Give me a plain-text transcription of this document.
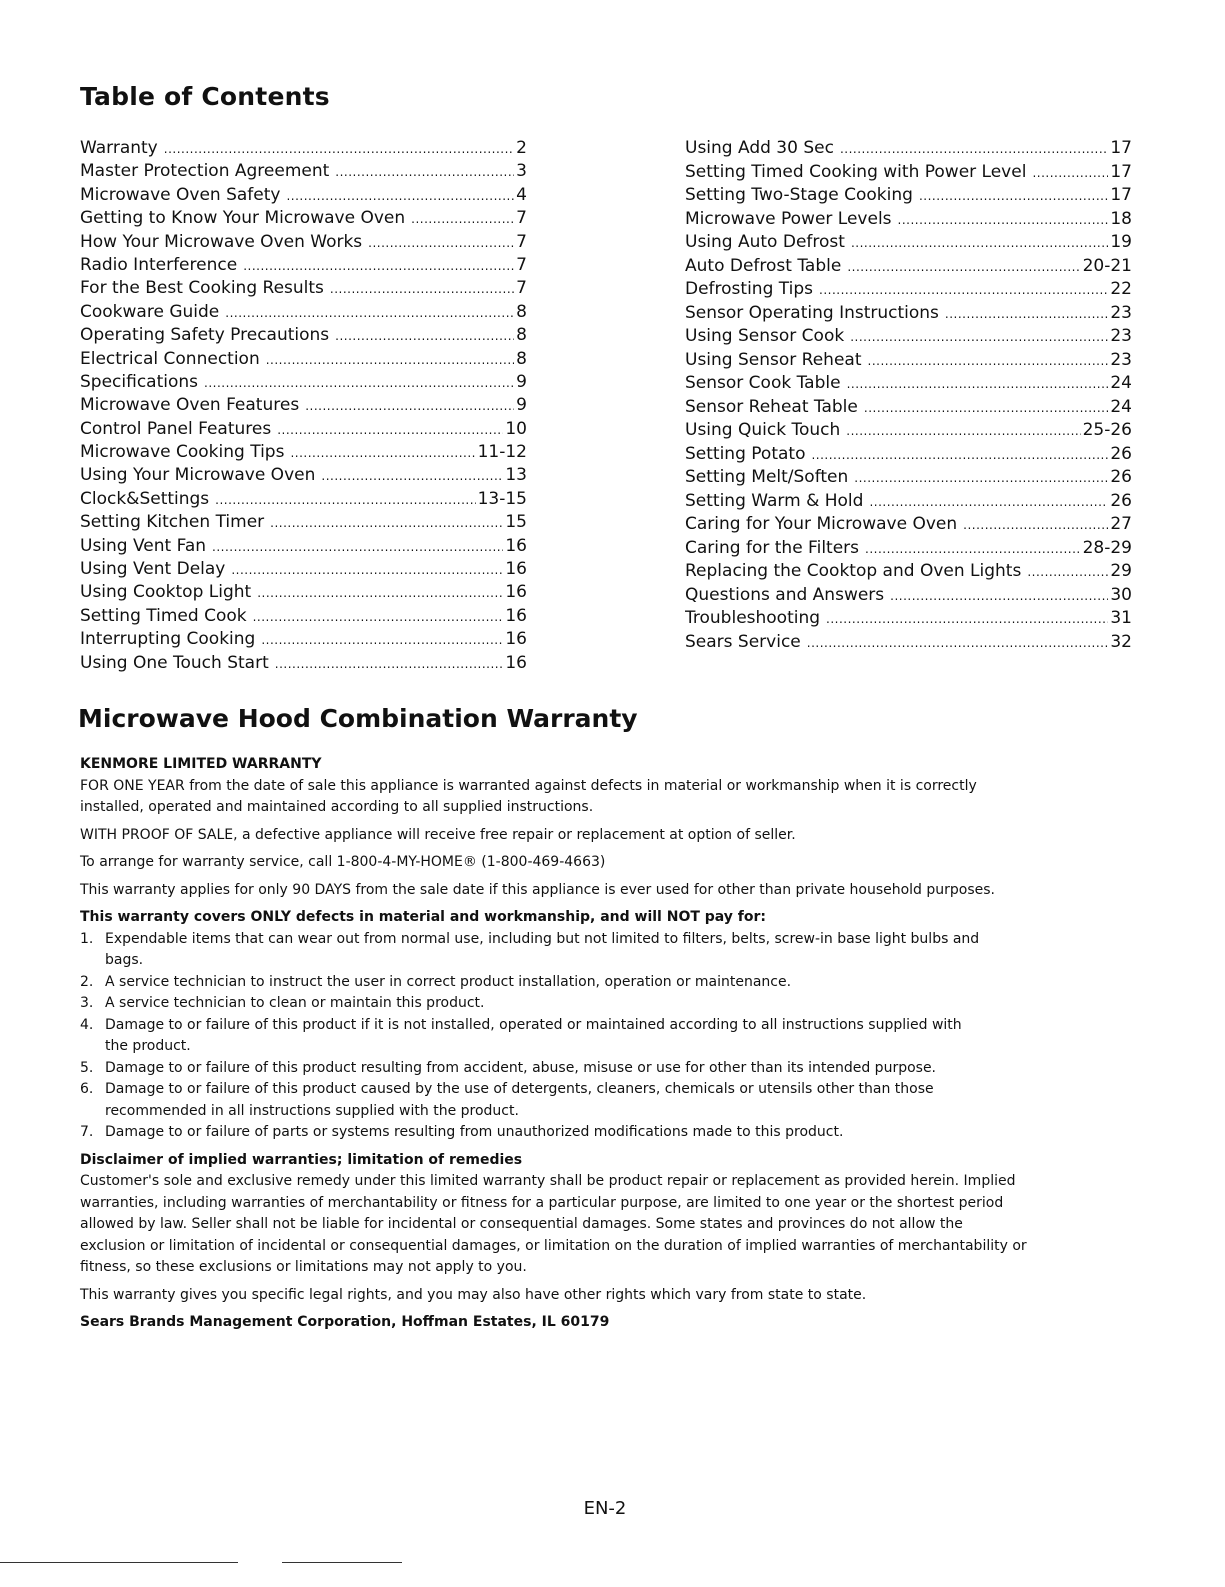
Table of Contents
Warranty .....	2
Master Protection Agreement .....	3
Microwave Oven Safety .....	4
Getting to Know Your Microwave Oven .....	7
How Your Microwave Oven Works .....	7
Radio Interference .....	7
For the Best Cooking Results .....	7
Cookware Guide .....	8
Operating Safety Precautions .....	8
Electrical Connection .....	8
Specifications .....	9
Microwave Oven Features .....	9
Control Panel Features .....	10
Microwave Cooking Tips .....	11-12
Using Your Microwave Oven .....	13
Clock&Settings .....	13-15
Setting Kitchen Timer .....	15
Using Vent Fan .....	16
Using Vent Delay .....	16
Using Cooktop Light .....	16
Setting Timed Cook .....	16
Interrupting Cooking .....	16
Using One Touch Start .....	16
Using Add 30 Sec .....	17
Setting Timed Cooking with Power Level .....	17
Setting Two-Stage Cooking .....	17
Microwave Power Levels .....	18
Using Auto Defrost .....	19
Auto Defrost Table .....	20-21
Defrosting Tips .....	22
Sensor Operating Instructions .....	23
Using Sensor Cook .....	23
Using Sensor Reheat .....	23
Sensor Cook Table .....	24
Sensor Reheat Table .....	24
Using Quick Touch .....	25-26
Setting Potato .....	26
Setting Melt/Soften .....	26
Setting Warm & Hold .....	26
Caring for Your Microwave Oven .....	27
Caring for the Filters .....	28-29
Replacing the Cooktop and Oven Lights .....	29
Questions and Answers .....	30
Troubleshooting .....	31
Sears Service .....	32
Microwave Hood Combination Warranty

KENMORE LIMITED WARRANTY

FOR ONE YEAR from the date of sale this appliance is warranted against defects in material or workmanship when it is correctly installed, operated and maintained according to all supplied instructions.

WITH PROOF OF SALE, a defective appliance will receive free repair or replacement at option of seller.

To arrange for warranty service, call 1-800-4-MY-HOME® (1-800-469-4663)

This warranty applies for only 90 DAYS from the sale date if this appliance is ever used for other than private household purposes.

This warranty covers ONLY defects in material and workmanship, and will NOT pay for:

1. Expendable items that can wear out from normal use, including but not limited to filters, belts, screw-in base light bulbs and bags.
2. A service technician to instruct the user in correct product installation, operation or maintenance.
3. A service technician to clean or maintain this product.
4. Damage to or failure of this product if it is not installed, operated or maintained according to all instructions supplied with the product.
5. Damage to or failure of this product resulting from accident, abuse, misuse or use for other than its intended purpose.
6. Damage to or failure of this product caused by the use of detergents, cleaners, chemicals or utensils other than those recommended in all instructions supplied with the product.
7. Damage to or failure of parts or systems resulting from unauthorized modifications made to this product.

Disclaimer of implied warranties; limitation of remedies

Customer's sole and exclusive remedy under this limited warranty shall be product repair or replacement as provided herein. Implied warranties, including warranties of merchantability or fitness for a particular purpose, are limited to one year or the shortest period allowed by law. Seller shall not be liable for incidental or consequential damages. Some states and provinces do not allow the exclusion or limitation of incidental or consequential damages, or limitation on the duration of implied warranties of merchantability or fitness, so these exclusions or limitations may not apply to you.

This warranty gives you specific legal rights, and you may also have other rights which vary from state to state.

Sears Brands Management Corporation, Hoffman Estates, IL 60179

EN-2
